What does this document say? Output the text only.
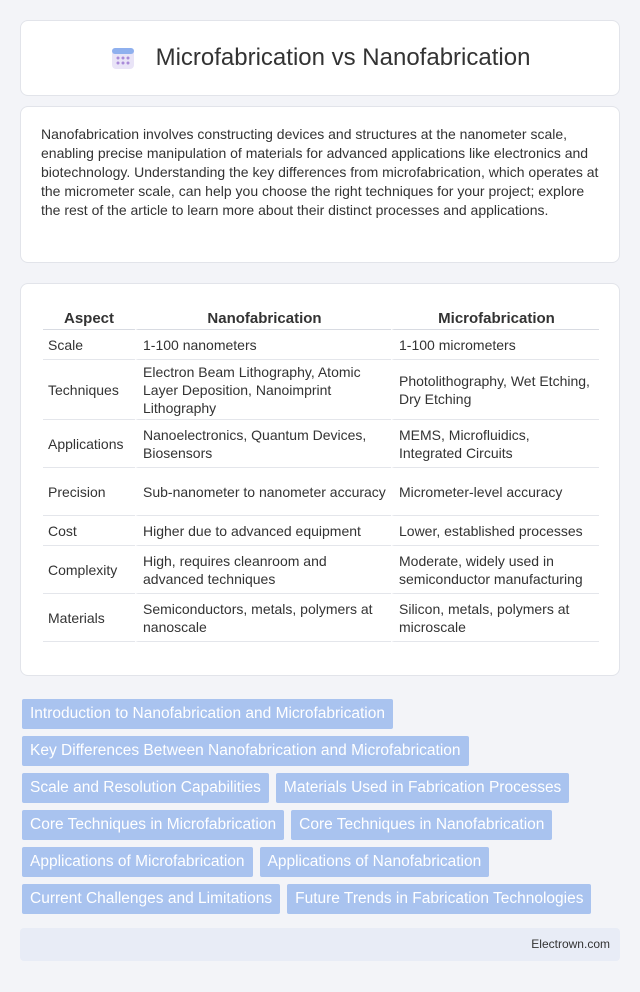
Microfabrication vs Nanofabrication

Nanofabrication involves constructing devices and structures at the nanometer scale, enabling precise manipulation of materials for advanced applications like electronics and biotechnology. Understanding the key differences from microfabrication, which operates at the micrometer scale, can help you choose the right techniques for your project; explore the rest of the article to learn more about their distinct processes and applications.

Aspect	Nanofabrication	Microfabrication
Scale	1-100 nanometers	1-100 micrometers
Techniques	Electron Beam Lithography, Atomic Layer Deposition, Nanoimprint Lithography	Photolithography, Wet Etching, Dry Etching
Applications	Nanoelectronics, Quantum Devices, Biosensors	MEMS, Microfluidics, Integrated Circuits
Precision	Sub-nanometer to nanometer accuracy	Micrometer-level accuracy
Cost	Higher due to advanced equipment	Lower, established processes
Complexity	High, requires cleanroom and advanced techniques	Moderate, widely used in semiconductor manufacturing
Materials	Semiconductors, metals, polymers at nanoscale	Silicon, metals, polymers at microscale
Introduction to Nanofabrication and Microfabrication
Key Differences Between Nanofabrication and Microfabrication
Scale and Resolution Capabilities	Materials Used in Fabrication Processes
Core Techniques in Microfabrication	Core Techniques in Nanofabrication
Applications of Microfabrication	Applications of Nanofabrication
Current Challenges and Limitations	Future Trends in Fabrication Technologies
Electrown.com
